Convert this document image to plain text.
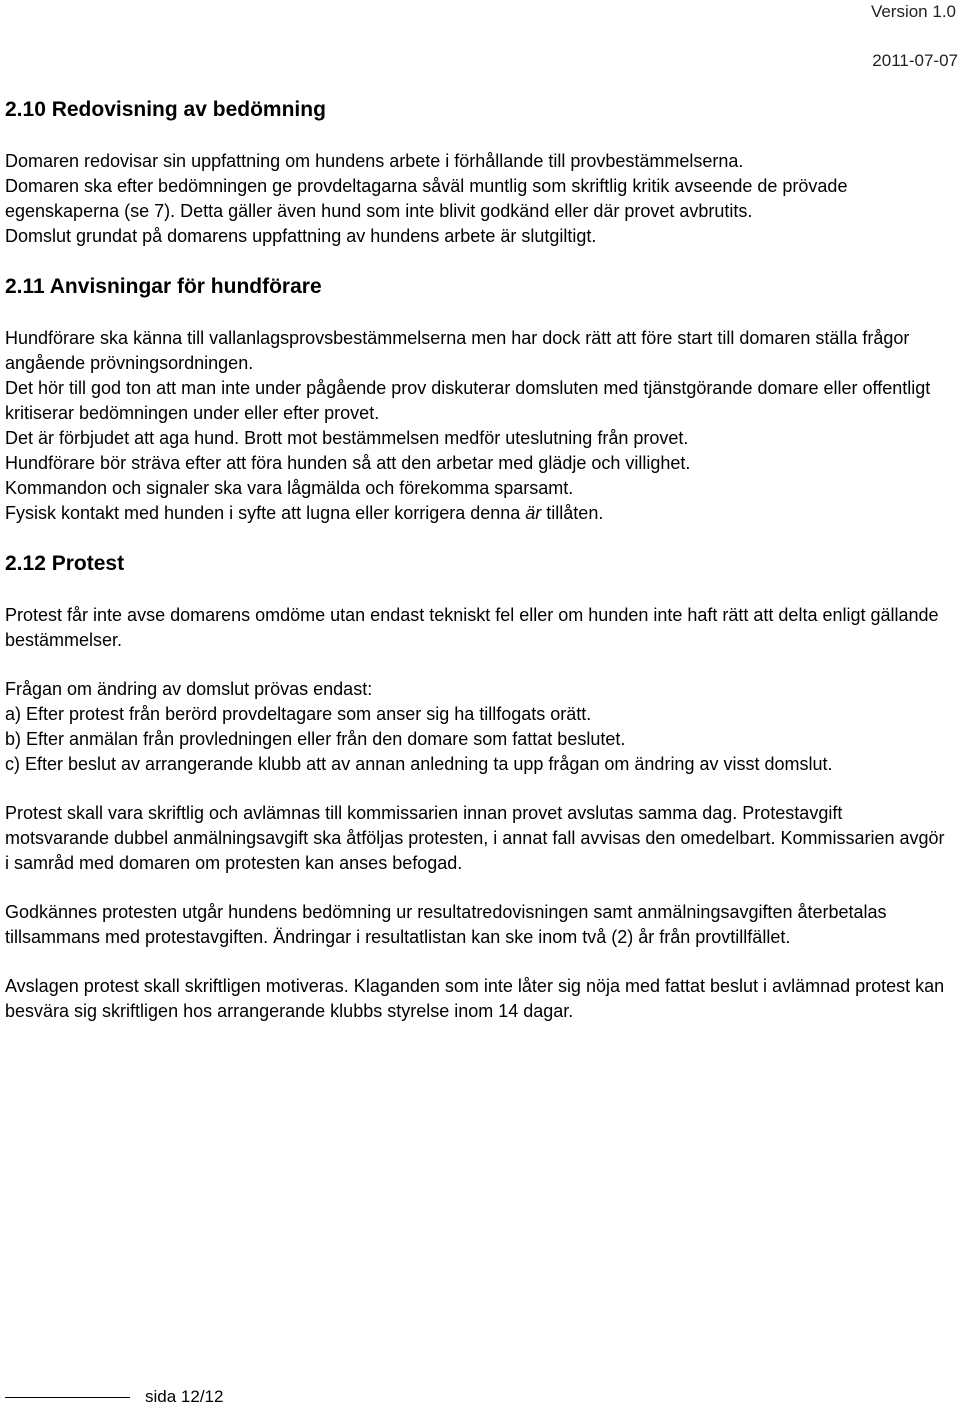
Version 1.0
2011-07-07
2.10 Redovisning av bedömning

Domaren redovisar sin uppfattning om hundens arbete i förhållande till provbestämmelserna.

Domaren ska efter bedömningen ge provdeltagarna såväl muntlig som skriftlig kritik avseende de prövade egenskaperna (se 7). Detta gäller även hund som inte blivit godkänd eller där provet avbrutits.

Domslut grundat på domarens uppfattning av hundens arbete är slutgiltigt.

2.11 Anvisningar för hundförare

Hundförare ska känna till vallanlagsprovsbestämmelserna men har dock rätt att före start till domaren ställa frågor angående prövningsordningen.

Det hör till god ton att man inte under pågående prov diskuterar domsluten med tjänstgörande domare eller offentligt kritiserar bedömningen under eller efter provet.

Det är förbjudet att aga hund. Brott mot bestämmelsen medför uteslutning från provet.

Hundförare bör sträva efter att föra hunden så att den arbetar med glädje och villighet.

Kommandon och signaler ska vara lågmälda och förekomma sparsamt.

Fysisk kontakt med hunden i syfte att lugna eller korrigera denna är tillåten.

2.12 Protest

Protest får inte avse domarens omdöme utan endast tekniskt fel eller om hunden inte haft rätt att delta enligt gällande bestämmelser.

Frågan om ändring av domslut prövas endast:

a) Efter protest från berörd provdeltagare som anser sig ha tillfogats orätt.

b) Efter anmälan från provledningen eller från den domare som fattat beslutet.

c) Efter beslut av arrangerande klubb att av annan anledning ta upp frågan om ändring av visst domslut.

Protest skall vara skriftlig och avlämnas till kommissarien innan provet avslutas samma dag. Protestavgift motsvarande dubbel anmälningsavgift ska åtföljas protesten, i annat fall avvisas den omedelbart. Kommissarien avgör i samråd med domaren om protesten kan anses befogad.

Godkännes protesten utgår hundens bedömning ur resultatredovisningen samt anmälningsavgiften återbetalas tillsammans med protestavgiften. Ändringar i resultatlistan kan ske inom två (2) år från provtillfället.

Avslagen protest skall skriftligen motiveras. Klaganden som inte låter sig nöja med fattat beslut i avlämnad protest kan besvära sig skriftligen hos arrangerande klubbs styrelse inom 14 dagar.

sida 12/12
